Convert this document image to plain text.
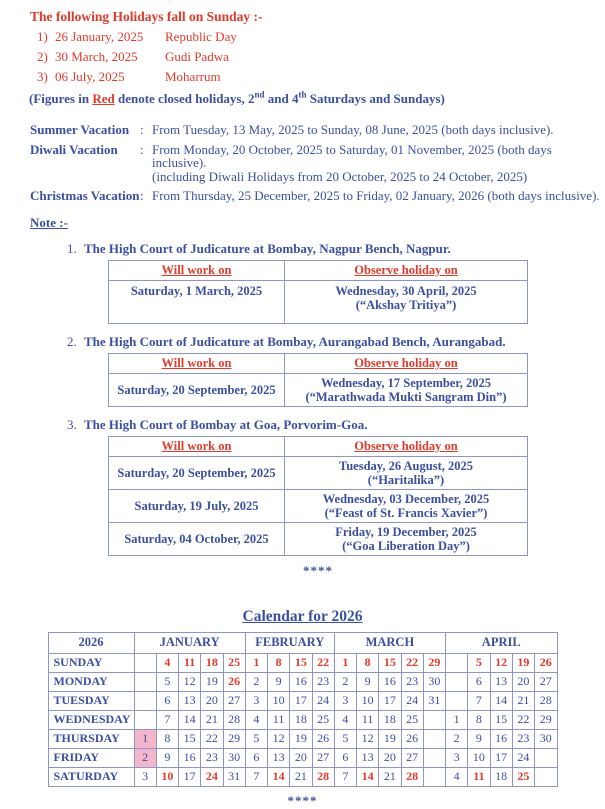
The following Holidays fall on Sunday :-
1) 26 January, 2025	Republic Day
2) 30 March, 2025	Gudi Padwa
3) 06 July, 2025	Moharrum
(Figures in Red denote closed holidays, 2nd and 4th Saturdays and Sundays)
Summer Vacation : From Tuesday, 13 May, 2025 to Sunday, 08 June, 2025 (both days inclusive).
Diwali Vacation	: From Monday, 20 October, 2025 to Saturday, 01 November, 2025 (both days inclusive).
(including Diwali Holidays from 20 October, 2025 to 24 October, 2025)
Christmas Vacation : From Thursday, 25 December, 2025 to Friday, 02 January, 2026 (both days inclusive).
Note :-
1. The High Court of Judicature at Bombay, Nagpur Bench, Nagpur.
Will work on	Observe holiday on
Saturday, 1 March, 2025	Wednesday, 30 April, 2025
(“Akshay Tritiya”)
2. The High Court of Judicature at Bombay, Aurangabad Bench, Aurangabad.
Will work on	Observe holiday on
Saturday, 20 September, 2025	Wednesday, 17 September, 2025
(“Marathwada Mukti Sangram Din”)
3. The High Court of Bombay at Goa, Porvorim-Goa.
Will work on	Observe holiday on
Saturday, 20 September, 2025	Tuesday, 26 August, 2025
(“Haritalika”)

Saturday, 19 July, 2025	Wednesday, 03 December, 2025
(“Feast of St. Francis Xavier”)

Saturday, 04 October, 2025	Friday, 19 December, 2025
(“Goa Liberation Day”)
****
Calendar for 2026
2026	JANUARY					FEBRUARY				MARCH					APRIL				
SUNDAY		4	11	18	25	1	8	15	22	1	8	15	22	29		5	12	19	26
MONDAY		5	12	19	26	2	9	16	23	2	9	16	23	30		6	13	20	27
TUESDAY		6	13	20	27	3	10	17	24	3	10	17	24	31		7	14	21	28
WEDNESDAY		7	14	21	28	4	11	18	25	4	11	18	25		1	8	15	22	29
THURSDAY	1	8	15	22	29	5	12	19	26	5	12	19	26		2	9	16	23	30
FRIDAY	2	9	16	23	30	6	13	20	27	6	13	20	27		3	10	17	24	
SATURDAY	3	10	17	24	31	7	14	21	28	7	14	21	28		4	11	18	25	
****
